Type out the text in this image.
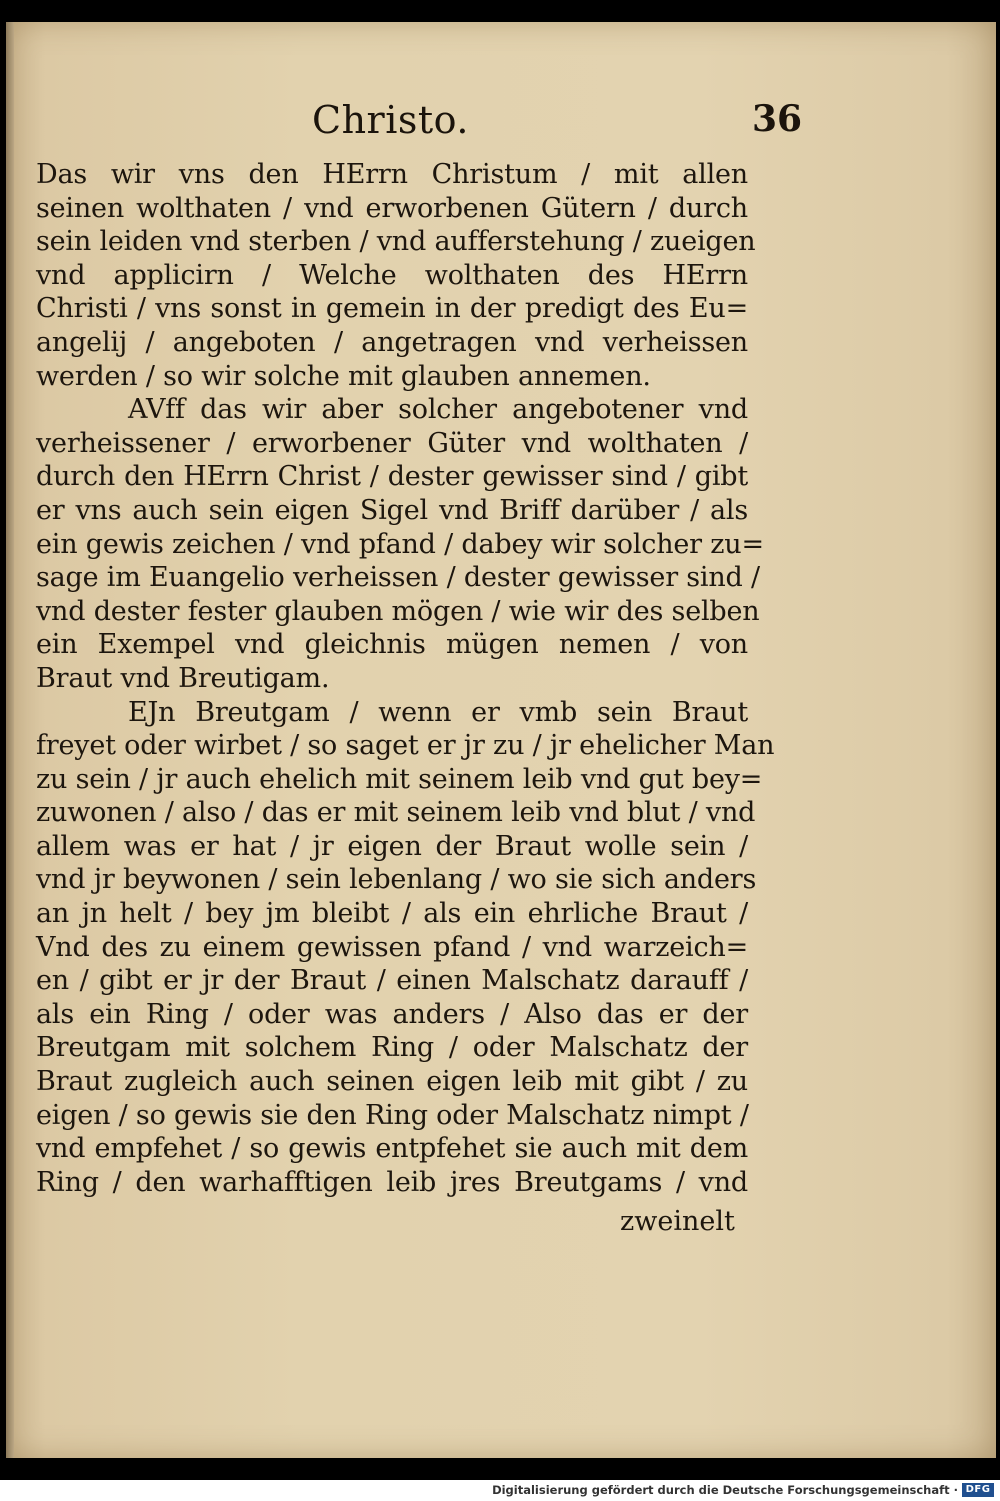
Christo.	36
Das wir vns den HErrn Christum / mit allen
seinen wolthaten / vnd erworbenen Gütern / durch
sein leiden vnd sterben / vnd aufferstehung / zueigen
vnd applicirn / Welche wolthaten des HErrn
Christi / vns sonst in gemein in der predigt des Eu=
angelij / angeboten / angetragen vnd verheissen
werden / so wir solche mit glauben annemen.
AVff das wir aber solcher angebotener vnd
verheissener / erworbener Güter vnd wolthaten /
durch den HErrn Christ / dester gewisser sind / gibt
er vns auch sein eigen Sigel vnd Briff darüber / als
ein gewis zeichen / vnd pfand / dabey wir solcher zu=
sage im Euangelio verheissen / dester gewisser sind /
vnd dester fester glauben mögen / wie wir des selben
ein Exempel vnd gleichnis mügen nemen / von
Braut vnd Breutigam.
EJn Breutgam / wenn er vmb sein Braut
freyet oder wirbet / so saget er jr zu / jr ehelicher Man
zu sein / jr auch ehelich mit seinem leib vnd gut bey=
zuwonen / also / das er mit seinem leib vnd blut / vnd
allem was er hat / jr eigen der Braut wolle sein /
vnd jr beywonen / sein lebenlang / wo sie sich anders
an jn helt / bey jm bleibt / als ein ehrliche Braut /
Vnd des zu einem gewissen pfand / vnd warzeich=
en / gibt er jr der Braut / einen Malschatz darauff /
als ein Ring / oder was anders / Also das er der
Breutgam mit solchem Ring / oder Malschatz der
Braut zugleich auch seinen eigen leib mit gibt / zu
eigen / so gewis sie den Ring oder Malschatz nimpt /
vnd empfehet / so gewis entpfehet sie auch mit dem
Ring / den warhafftigen leib jres Breutgams / vnd
zweinelt
Digitalisierung gefördert durch die Deutsche Forschungsgemeinschaft · DFG
